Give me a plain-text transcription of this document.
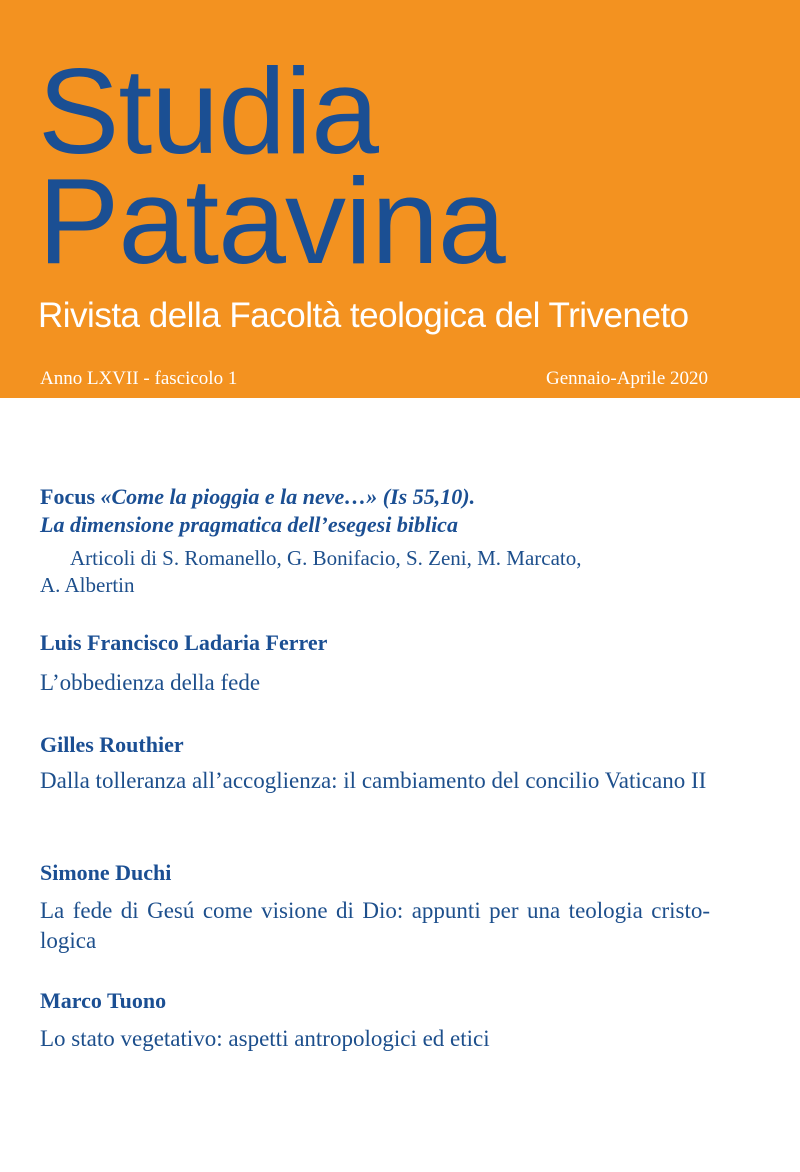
Studia
Patavina
Rivista della Facoltà teologica del Triveneto
Anno LXVII - fascicolo 1	Gennaio-Aprile 2020
Focus «Come la pioggia e la neve…» (Is 55,10).
La dimensione pragmatica dell’esegesi biblica
Articoli di S. Romanello, G. Bonifacio, S. Zeni, M. Marcato,
A. Albertin
Luis Francisco Ladaria Ferrer
L’obbedienza della fede
Gilles Routhier
Dalla tolleranza all’accoglienza: il cambiamento del concilio Vaticano II
Simone Duchi
La fede di Gesú come visione di Dio: appunti per una teologia cristo-logica
Marco Tuono
Lo stato vegetativo: aspetti antropologici ed etici
